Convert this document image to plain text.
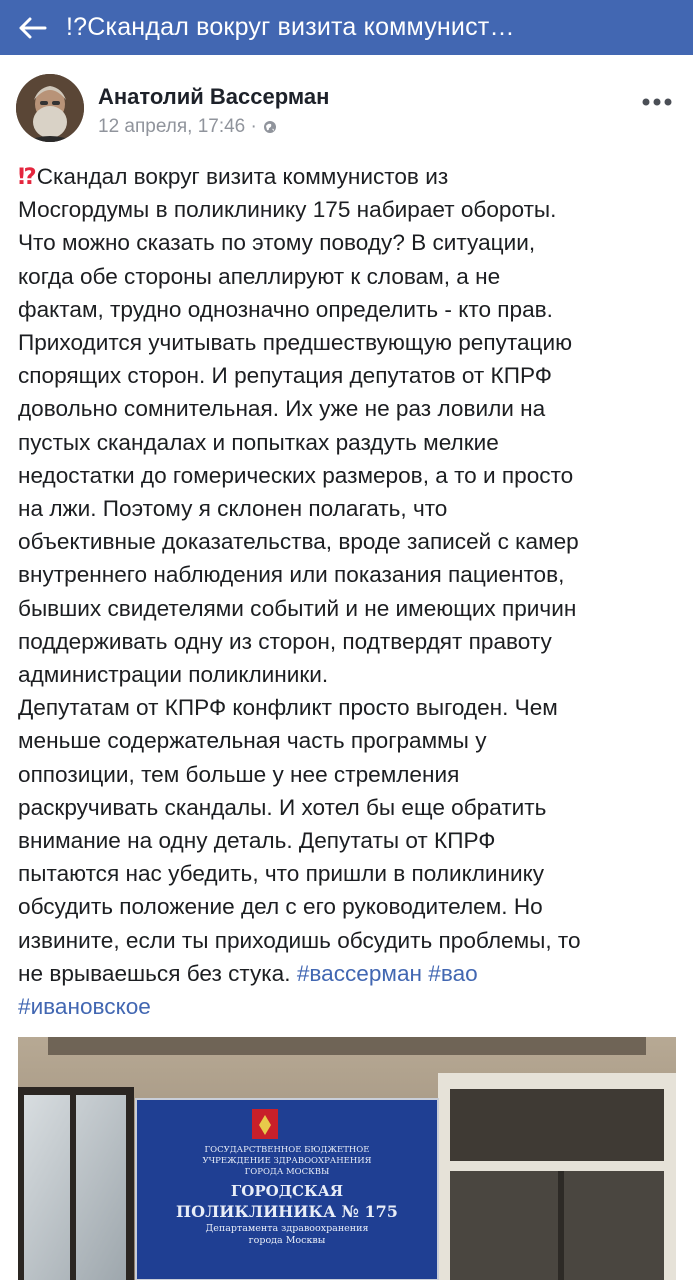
!?Скандал вокруг визита коммунист…
Анатолий Вассерман
12 апреля, 17:46 ·
⁉Скандал вокруг визита коммунистов из
Мосгордумы в поликлинику 175 набирает обороты.
Что можно сказать по этому поводу? В ситуации,
когда обе стороны апеллируют к словам, а не
фактам, трудно однозначно определить - кто прав.
Приходится учитывать предшествующую репутацию
спорящих сторон. И репутация депутатов от КПРФ
довольно сомнительная. Их уже не раз ловили на
пустых скандалах и попытках раздуть мелкие
недостатки до гомерических размеров, а то и просто
на лжи. Поэтому я склонен полагать, что
объективные доказательства, вроде записей с камер
внутреннего наблюдения или показания пациентов,
бывших свидетелями событий и не имеющих причин
поддерживать одну из сторон, подтвердят правоту
администрации поликлиники.
Депутатам от КПРФ конфликт просто выгоден. Чем
меньше содержательная часть программы у
оппозиции, тем больше у нее стремления
раскручивать скандалы. И хотел бы еще обратить
внимание на одну деталь. Депутаты от КПРФ
пытаются нас убедить, что пришли в поликлинику
обсудить положение дел с его руководителем. Но
извините, если ты приходишь обсудить проблемы, то
не врываешься без стука. #вассерман #вао
#ивановское
ГОСУДАРСТВЕННОЕ БЮДЖЕТНОЕ
УЧРЕЖДЕНИЕ ЗДРАВООХРАНЕНИЯ
ГОРОДА МОСКВЫ
ГОРОДСКАЯ
ПОЛИКЛИНИКА № 175
Департамента здравоохранения
города Москвы
